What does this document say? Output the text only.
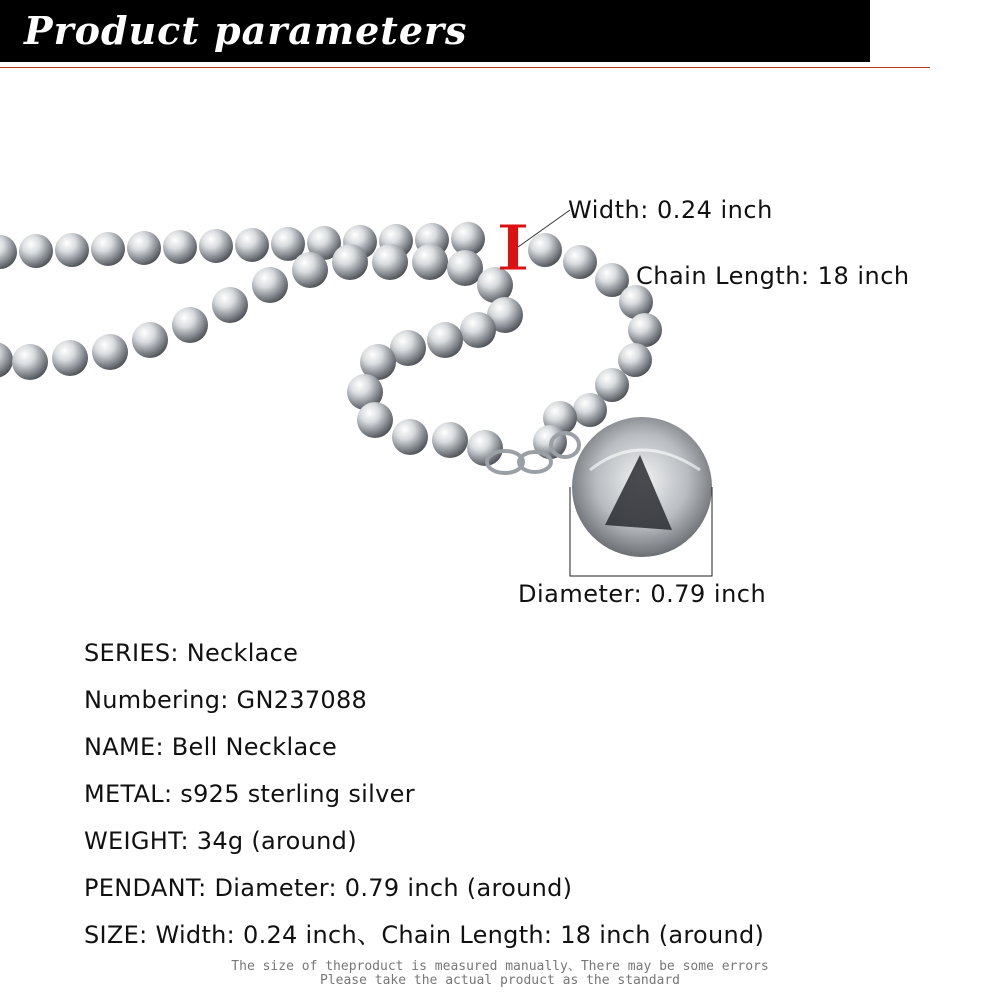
Product parameters
Width: 0.24 inch
Chain Length: 18 inch
Diameter: 0.79 inch
SERIES: Necklace
Numbering: GN237088
NAME: Bell Necklace
METAL: s925 sterling silver
WEIGHT: 34g (around)
PENDANT: Diameter: 0.79 inch (around)
SIZE: Width: 0.24 inch、Chain Length: 18 inch (around)
The size of theproduct is measured manually、There may be some errors
Please take the actual product as the standard
